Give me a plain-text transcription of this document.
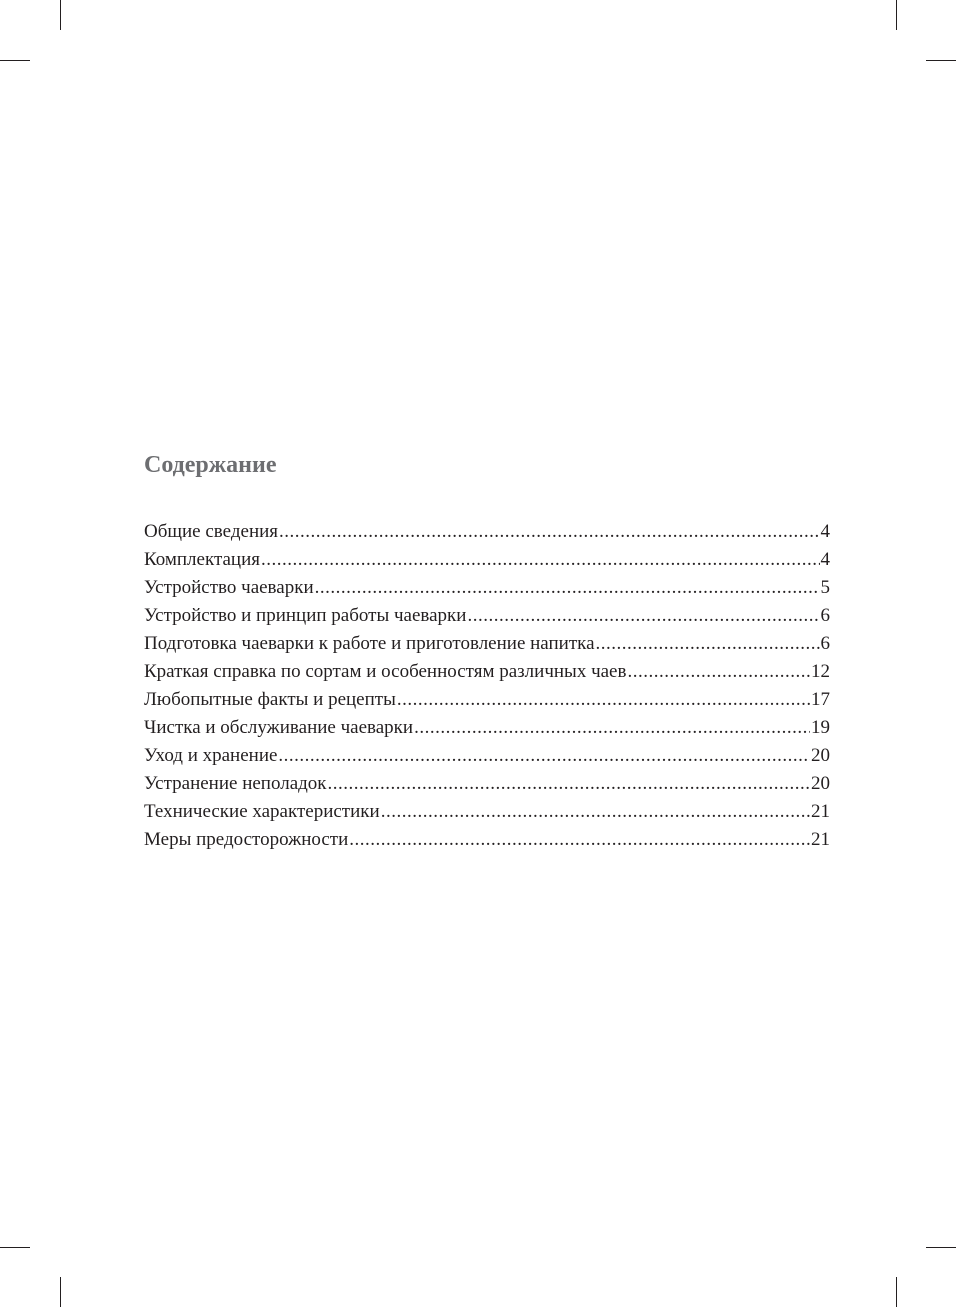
Содержание
Общие сведения .....	4
Комплектация .....	4
Устройство чаеварки .....	5
Устройство и принцип работы чаеварки .....	6
Подготовка чаеварки к работе и приготовление напитка .....	6
Краткая справка по сортам и особенностям различных чаев .....	12
Любопытные факты и рецепты .....	17
Чистка и обслуживание чаеварки .....	19
Уход и хранение .....	20
Устранение неполадок .....	20
Технические характеристики .....	21
Меры предосторожности .....	21
